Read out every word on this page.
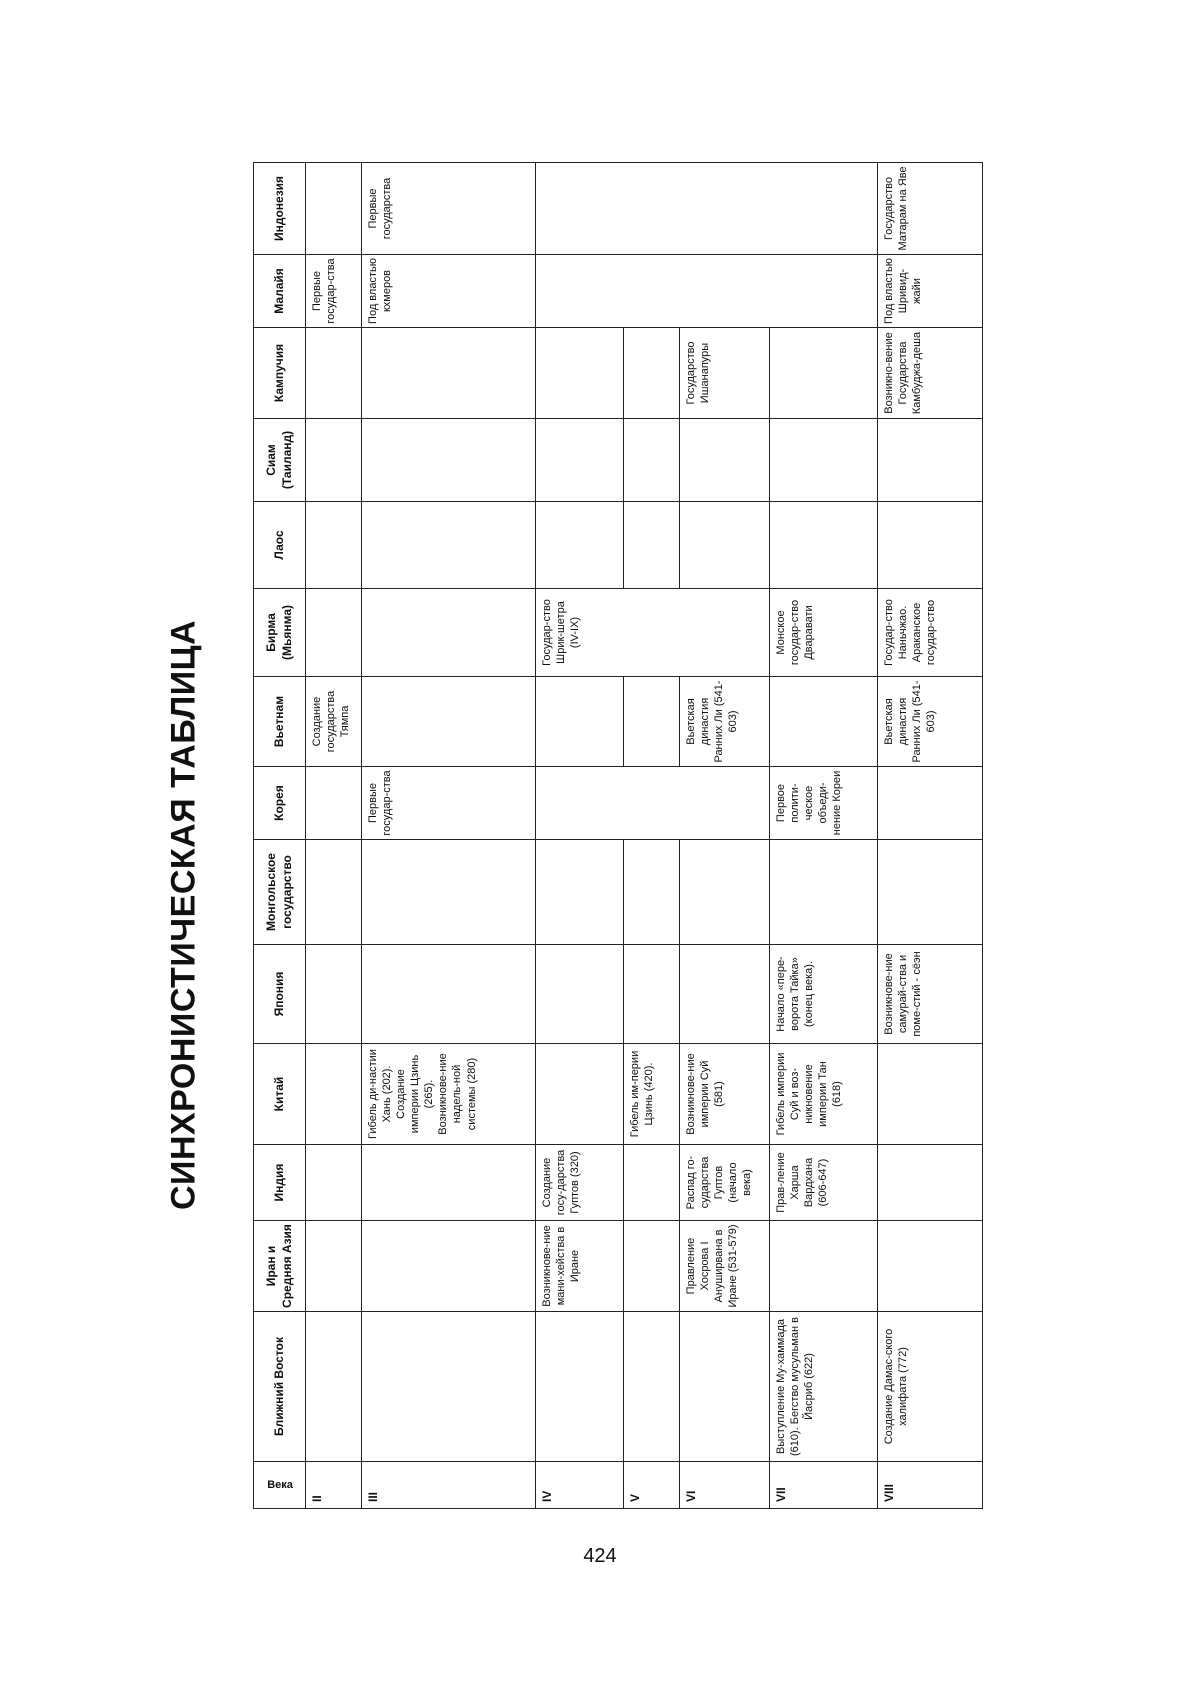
СИНХРОНИСТИЧЕСКАЯ ТАБЛИЦА
Века	Ближний Восток	Иран и Средняя Азия	Индия	Китай	Япония	Монгольское государство	Корея	Вьетнам	Бирма (Мьянма)	Лаос	Сиам (Таиланд)	Кампучия	Малайя	Индонезия	
II								Создание государства Тямпа					Первые государ-ства		
III				Гибель ди-настии Хань (202). Создание империи Цзинь (265). Возникнове-ние надель-ной системы (280)			Первые государ-ства						Под властью кхмеров	Первые государства	
IV		Возникнове-ние мани-хейства в Иране	Создание госу-дарства Гуптов (320)						Государ-ство Шрик-шетра (IV-IX)						
V				Гибель им-перии Цзинь (420).											
VI		Правление Хосрова I Ануширвана в Иране (531-579)	Распад го-сударства Гуптов (начало века)	Возникнове-ние империи Суй (581)				Вьетская династия Ранних Ли (541-603)				Государство Ишанапуры			
VII	Выступление Му-хаммада (610). Бегство мусульман в Йасриб (622)		Прав-ление Харша Вардхана (606-647)	Гибель империи Суй и воз-никновение империи Тан (618)	Начало «пере-ворота Тайка» (конец века).		Первое полити-ческое объеди-нение Кореи		Монское государ-ство Дваравати					
VIII	Создание Дамас-ского халифата (772)				Возникнове-ние самурай-ства и поме-стий - сёэн			Вьетская династия Ранних Ли (541-603)	Государ-ство Наньчжао. Араканское государ-ство			Возникно-вение Государства Камбуджа-деша	Под властью Шривид-жайи	Государство Матарам на Яве	
424
